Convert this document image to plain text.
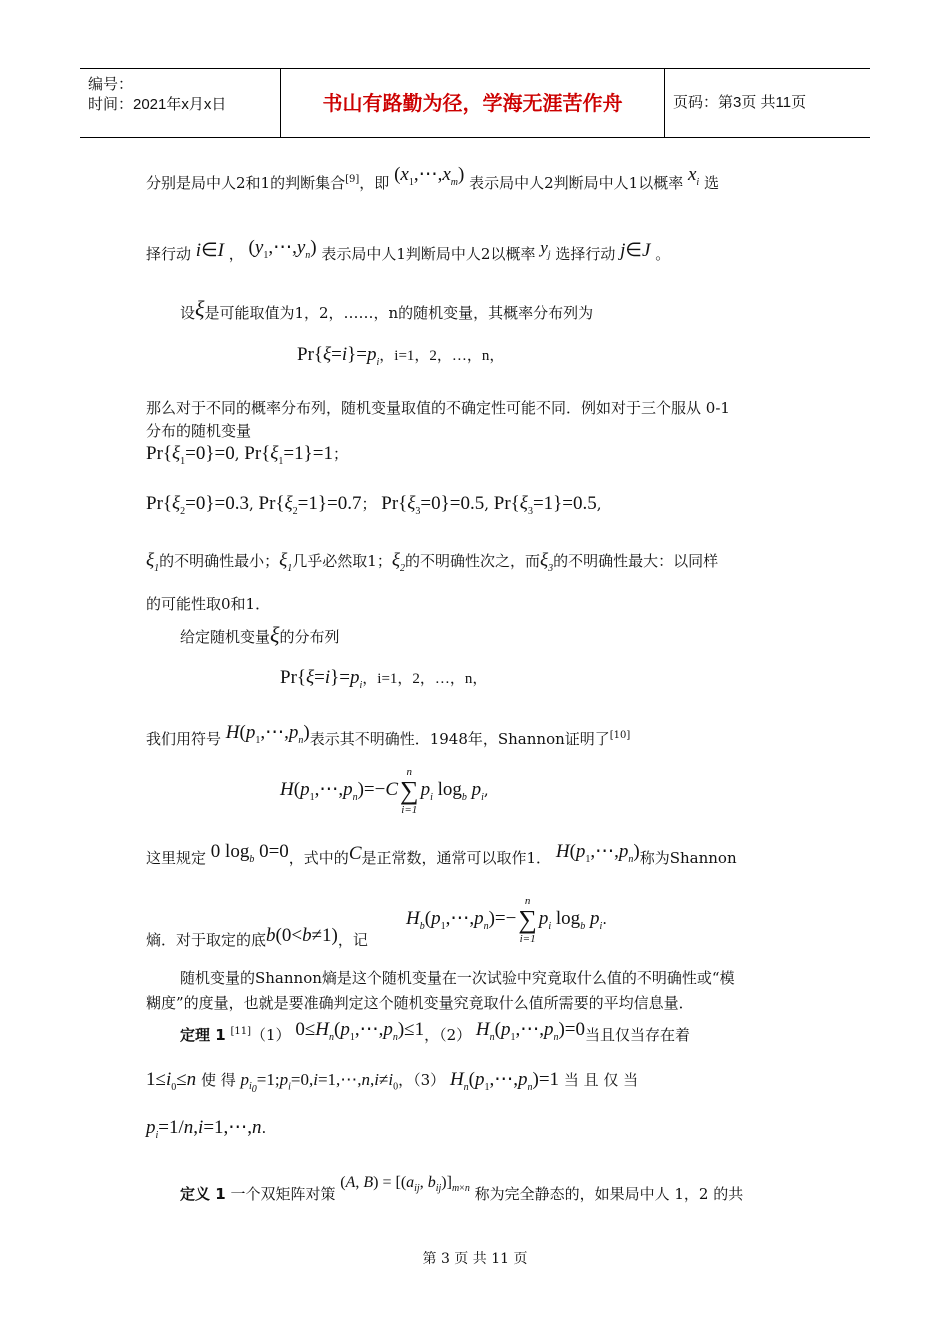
编号：
时间：2021年x月x日	书山有路勤为径，学海无涯苦作舟	页码：第3页 共11页
分别是局中人2和1的判断集合[9]，即 $(x_1,\cdots,x_m)$ 表示局中人2判断局中人1以概率 $x_i$ 选
择行动 i∈I ， $(y_1,\cdots,y_n)$ 表示局中人1判断局中人2以概率 $y_j$ 选择行动 j∈J 。
设ξ是可能取值为1，2，……，n的随机变量，其概率分布列为
$Pr\{\xi=i\}=p_i$，i=1，2，…，n，
那么对于不同的概率分布列，随机变量取值的不确定性可能不同．例如对于三个服从 0-1
分布的随机变量
$Pr\{\xi_1=0\}=0$, $Pr\{\xi_1=1\}=1$；
$Pr\{\xi_2=0\}=0.3$, $Pr\{\xi_2=1\}=0.7$； $Pr\{\xi_3=0\}=0.5$, $Pr\{\xi_3=1\}=0.5$,
$\xi_1$的不明确性最小；$\xi_1$几乎必然取1；$\xi_2$的不明确性次之，而$\xi_3$的不明确性最大：以同样
的可能性取0和1．
给定随机变量ξ的分布列
$Pr\{\xi=i\}=p_i$，i=1，2，…，n，
我们用符号 $H(p_1,\cdots,p_n)$表示其不明确性．1948年，Shannon证明了[10]
$H(p_1,\cdots,p_n)=-C$
n
∑
i=1
$p_i$ $\log_b p_i$,
这里规定 0 $\log_b 0=0$，式中的C是正常数，通常可以取作1． $H(p_1,\cdots,p_n)$称为Shannon
熵．对于取定的底b(0<b≠1)，记
$H_b(p_1,\cdots,p_n)=-$
n
∑
i=1
$p_i$ $\log_b p_i$.
随机变量的Shannon熵是这个随机变量在一次试验中究竟取什么值的不明确性或“模
糊度”的度量，也就是要准确判定这个随机变量究竟取什么值所需要的平均信息量．
定理 1 [11]（1） $0\le H_n(p_1,\cdots,p_n)\le 1$，（2） $H_n(p_1,\cdots,p_n)=0$当且仅当存在着
$1\le i_0\le n$ 使 得 $p_{i_0}=1;p_i=0,i=1,\cdots,n,i\ne i_0$，（3） $H_n(p_1,\cdots,p_n)=1$ 当 且 仅 当
$p_i=1/n,i=1,\cdots,n$.
定义 1 一个双矩阵对策 (A, $B) = [(a_{ij}$, $b_{ij})]_{m\times n}$ 称为完全静态的，如果局中人 1，2 的共
第 3 页 共 11 页
